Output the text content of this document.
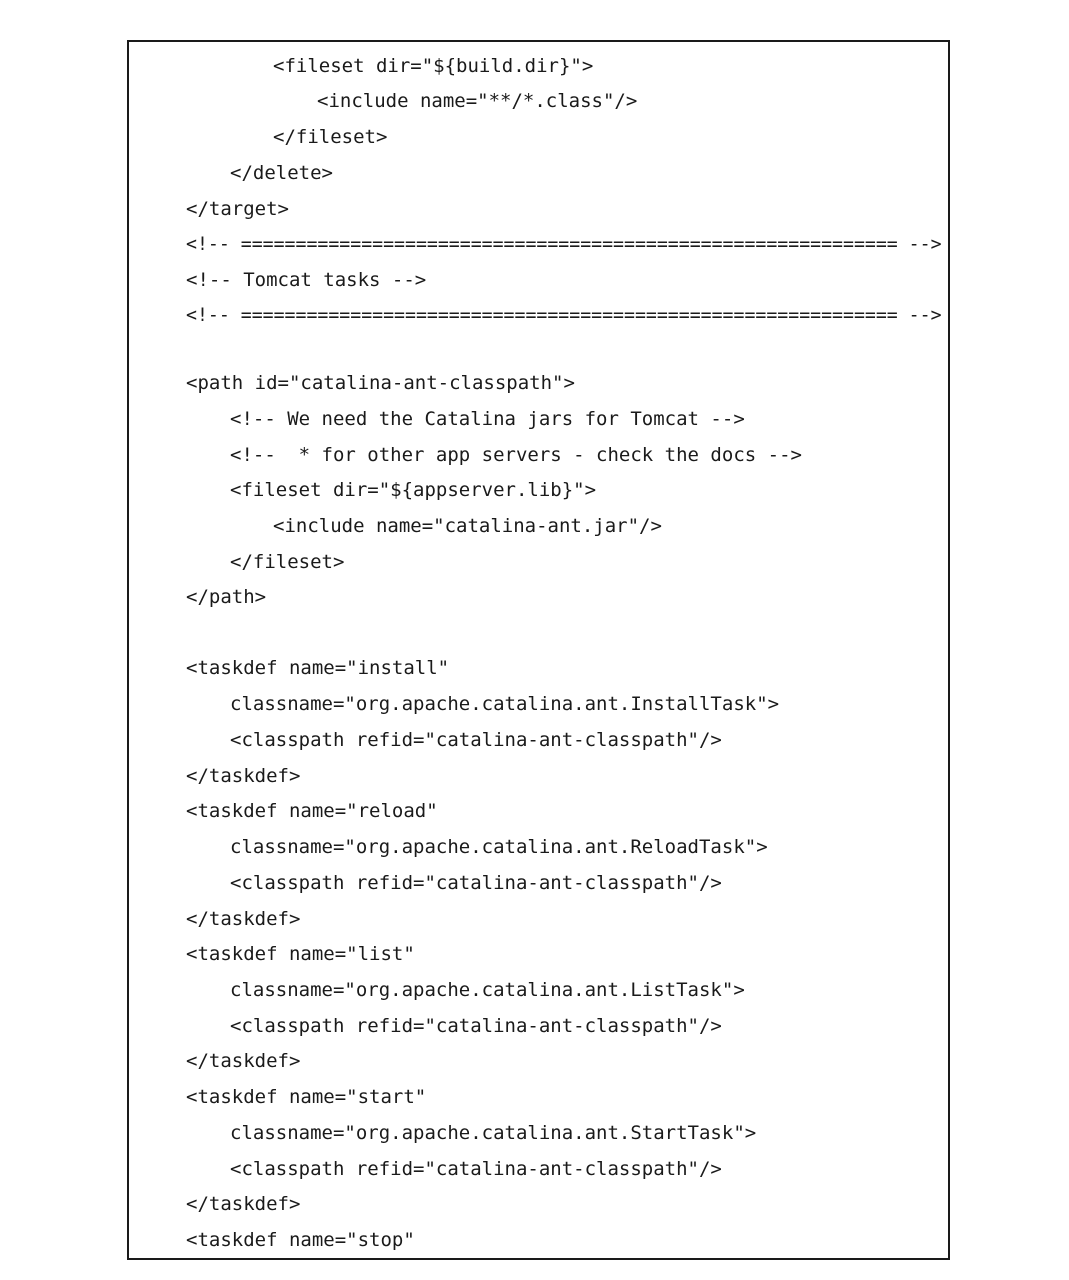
<fileset dir="${build.dir}">
<include name="**/*.class"/>
</fileset>
</delete>
</target>
<!-- ============================================================ -->
<!-- Tomcat tasks -->
<!-- ============================================================ -->
<path id="catalina-ant-classpath">
<!-- We need the Catalina jars for Tomcat -->
<!--  * for other app servers - check the docs -->
<fileset dir="${appserver.lib}">
<include name="catalina-ant.jar"/>
</fileset>
</path>
<taskdef name="install"
classname="org.apache.catalina.ant.InstallTask">
<classpath refid="catalina-ant-classpath"/>
</taskdef>
<taskdef name="reload"
classname="org.apache.catalina.ant.ReloadTask">
<classpath refid="catalina-ant-classpath"/>
</taskdef>
<taskdef name="list"
classname="org.apache.catalina.ant.ListTask">
<classpath refid="catalina-ant-classpath"/>
</taskdef>
<taskdef name="start"
classname="org.apache.catalina.ant.StartTask">
<classpath refid="catalina-ant-classpath"/>
</taskdef>
<taskdef name="stop"
